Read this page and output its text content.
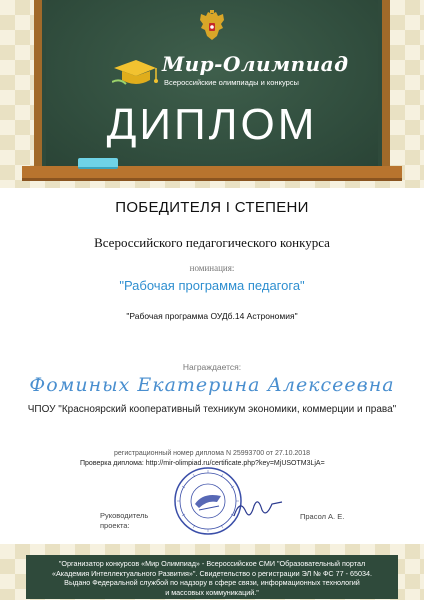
Мир-Олимпиад
Всероссийские олимпиады и конкурсы
ДИПЛОМ
ПОБЕДИТЕЛЯ I СТЕПЕНИ
Всероссийского педагогического конкурса
номинация:
"Рабочая программа педагога"
"Рабочая программа ОУДб.14 Астрономия"
Награждается:
Фоминых Екатерина Алексеевна
ЧПОУ "Красноярский кооперативный техникум экономики, коммерции и права"
регистрационный номер диплома N 25993700 от 27.10.2018
Проверка диплома: http://mir-olimpiad.ru/certificate.php?key=MjUSOTM3LjA=
Руководитель проекта:
Прасол А. Е.
"Организатор конкурсов «Мир Олимпиад» - Всероссийское СМИ "Образовательный портал
«Академия Интеллектуального Развития»". Свидетельство о регистрации ЭЛ № ФС 77 - 65034.
Выдано Федеральной службой по надзору в сфере связи, информационных технологий
и массовых коммуникаций."
